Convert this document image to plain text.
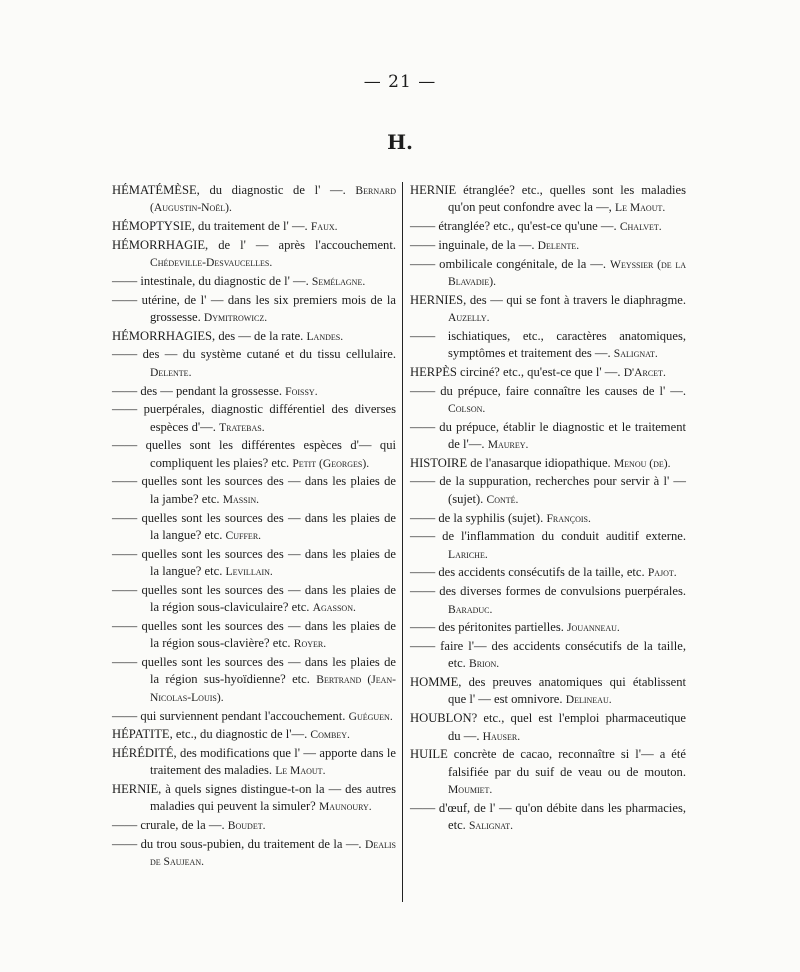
— 21 —
H.

HÉMATÉMÈSE, du diagnostic de l' —. Bernard (Augustin-Noël).

HÉMOPTYSIE, du traitement de l' —. Faux.

HÉMORRHAGIE, de l' — après l'accouchement. Chédeville-Desvaucelles.

—— intestinale, du diagnostic de l' —. Semélagne.

—— utérine, de l' — dans les six premiers mois de la grossesse. Dymitrowicz.

HÉMORRHAGIES, des — de la rate. Landes.

—— des — du système cutané et du tissu cellulaire. Delente.

—— des — pendant la grossesse. Foissy.

—— puerpérales, diagnostic différentiel des diverses espèces d'—. Tratebas.

—— quelles sont les différentes espèces d'— qui compliquent les plaies? etc. Petit (Georges).

—— quelles sont les sources des — dans les plaies de la jambe? etc. Massin.

—— quelles sont les sources des — dans les plaies de la langue? etc. Cuffer.

—— quelles sont les sources des — dans les plaies de la langue? etc. Levillain.

—— quelles sont les sources des — dans les plaies de la région sous-claviculaire? etc. Agasson.

—— quelles sont les sources des — dans les plaies de la région sous-clavière? etc. Royer.

—— quelles sont les sources des — dans les plaies de la région sus-hyoïdienne? etc. Bertrand (Jean-Nicolas-Louis).

—— qui surviennent pendant l'accouchement. Guéguen.

HÉPATITE, etc., du diagnostic de l'—. Combey.

HÉRÉDITÉ, des modifications que l' — apporte dans le traitement des maladies. Le Maout.

HERNIE, à quels signes distingue-t-on la — des autres maladies qui peuvent la simuler? Maunoury.

—— crurale, de la —. Boudet.

—— du trou sous-pubien, du traitement de la —. Dealis de Saujean.

HERNIE étranglée? etc., quelles sont les maladies qu'on peut confondre avec la —, Le Maout.

—— étranglée? etc., qu'est-ce qu'une —. Chalvet.

—— inguinale, de la —. Delente.

—— ombilicale congénitale, de la —. Weyssier (de la Blavadie).

HERNIES, des — qui se font à travers le diaphragme. Auzelly.

—— ischiatiques, etc., caractères anatomiques, symptômes et traitement des —. Salignat.

HERPÈS circiné? etc., qu'est-ce que l' —. D'Arcet.

—— du prépuce, faire connaître les causes de l' —. Colson.

—— du prépuce, établir le diagnostic et le traitement de l'—. Maurey.

HISTOIRE de l'anasarque idiopathique. Menou (de).

—— de la suppuration, recherches pour servir à l' — (sujet). Conté.

—— de la syphilis (sujet). François.

—— de l'inflammation du conduit auditif externe. Lariche.

—— des accidents consécutifs de la taille, etc. Pajot.

—— des diverses formes de convulsions puerpérales. Baraduc.

—— des péritonites partielles. Jouanneau.

—— faire l'— des accidents consécutifs de la taille, etc. Brion.

HOMME, des preuves anatomiques qui établissent que l' — est omnivore. Delineau.

HOUBLON? etc., quel est l'emploi pharmaceutique du —. Hauser.

HUILE concrète de cacao, reconnaître si l'— a été falsifiée par du suif de veau ou de mouton. Moumiet.

—— d'œuf, de l' — qu'on débite dans les pharmacies, etc. Salignat.
